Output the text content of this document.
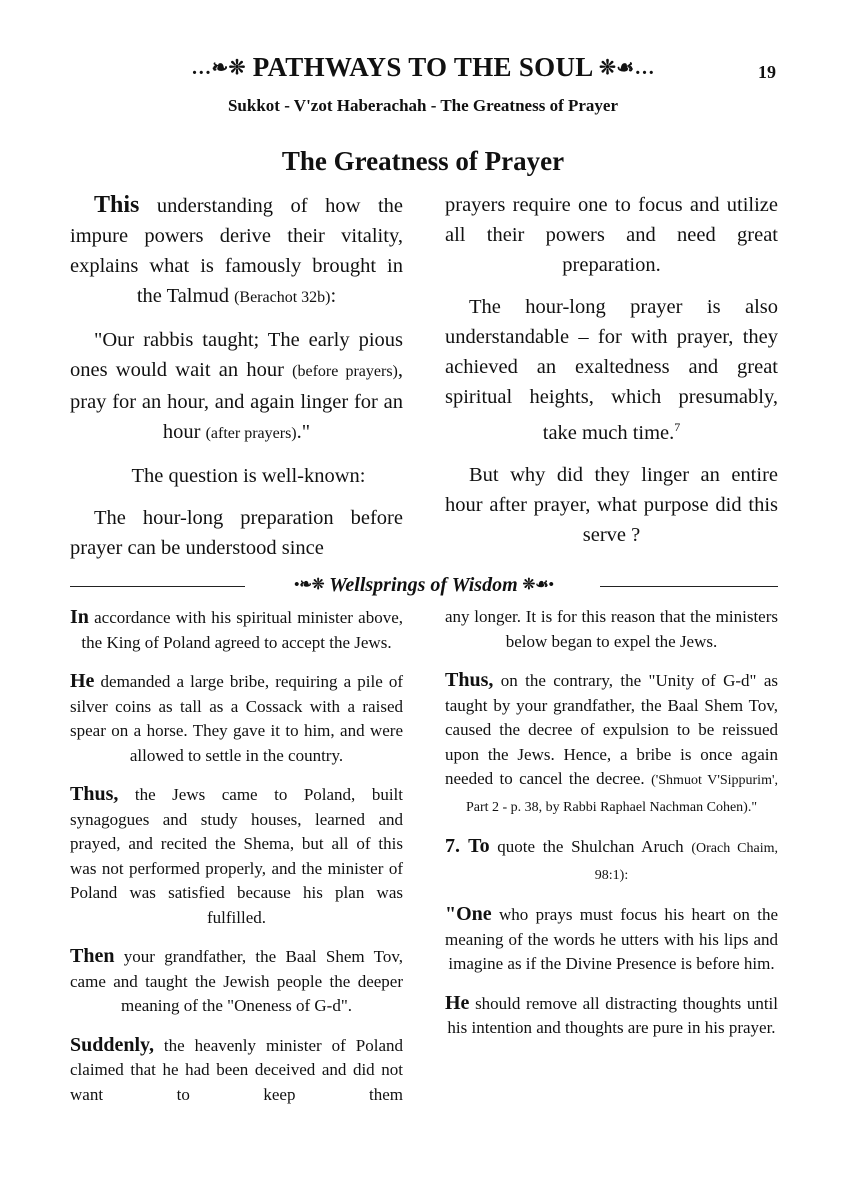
…❧❊ PATHWAYS TO THE SOUL ❊☙…	19
Sukkot - V'zot Haberachah - The Greatness of Prayer
The Greatness of Prayer

This understanding of how the impure powers derive their vitality, explains what is famously brought in the Talmud (Berachot 32b):

"Our rabbis taught; The early pious ones would wait an hour (before prayers), pray for an hour, and again linger for an hour (after prayers)."

The question is well-known:

The hour-long preparation before prayer can be understood since

prayers require one to focus and utilize all their powers and need great preparation.

The hour-long prayer is also understandable – for with prayer, they achieved an exaltedness and great spiritual heights, which presumably, take much time.$^7$

But why did they linger an entire hour after prayer, what purpose did this serve ?

•❧❊ Wellsprings of Wisdom ❊☙•

In accordance with his spiritual minister above, the King of Poland agreed to accept the Jews.

He demanded a large bribe, requiring a pile of silver coins as tall as a Cossack with a raised spear on a horse. They gave it to him, and were allowed to settle in the country.

Thus, the Jews came to Poland, built synagogues and study houses, learned and prayed, and recited the Shema, but all of this was not performed properly, and the minister of Poland was satisfied because his plan was fulfilled.

Then your grandfather, the Baal Shem Tov, came and taught the Jewish people the deeper meaning of the "Oneness of G-d".

Suddenly, the heavenly minister of Poland claimed that he had been deceived and did not want to keep them

any longer. It is for this reason that the ministers below began to expel the Jews.

Thus, on the contrary, the "Unity of G-d" as taught by your grandfather, the Baal Shem Tov, caused the decree of expulsion to be reissued upon the Jews. Hence, a bribe is once again needed to cancel the decree. ('Shmuot V'Sippurim', Part 2 - p. 38, by Rabbi Raphael Nachman Cohen)."

7. To quote the Shulchan Aruch (Orach Chaim, 98:1):

"One who prays must focus his heart on the meaning of the words he utters with his lips and imagine as if the Divine Presence is before him.

He should remove all distracting thoughts until his intention and thoughts are pure in his prayer.
